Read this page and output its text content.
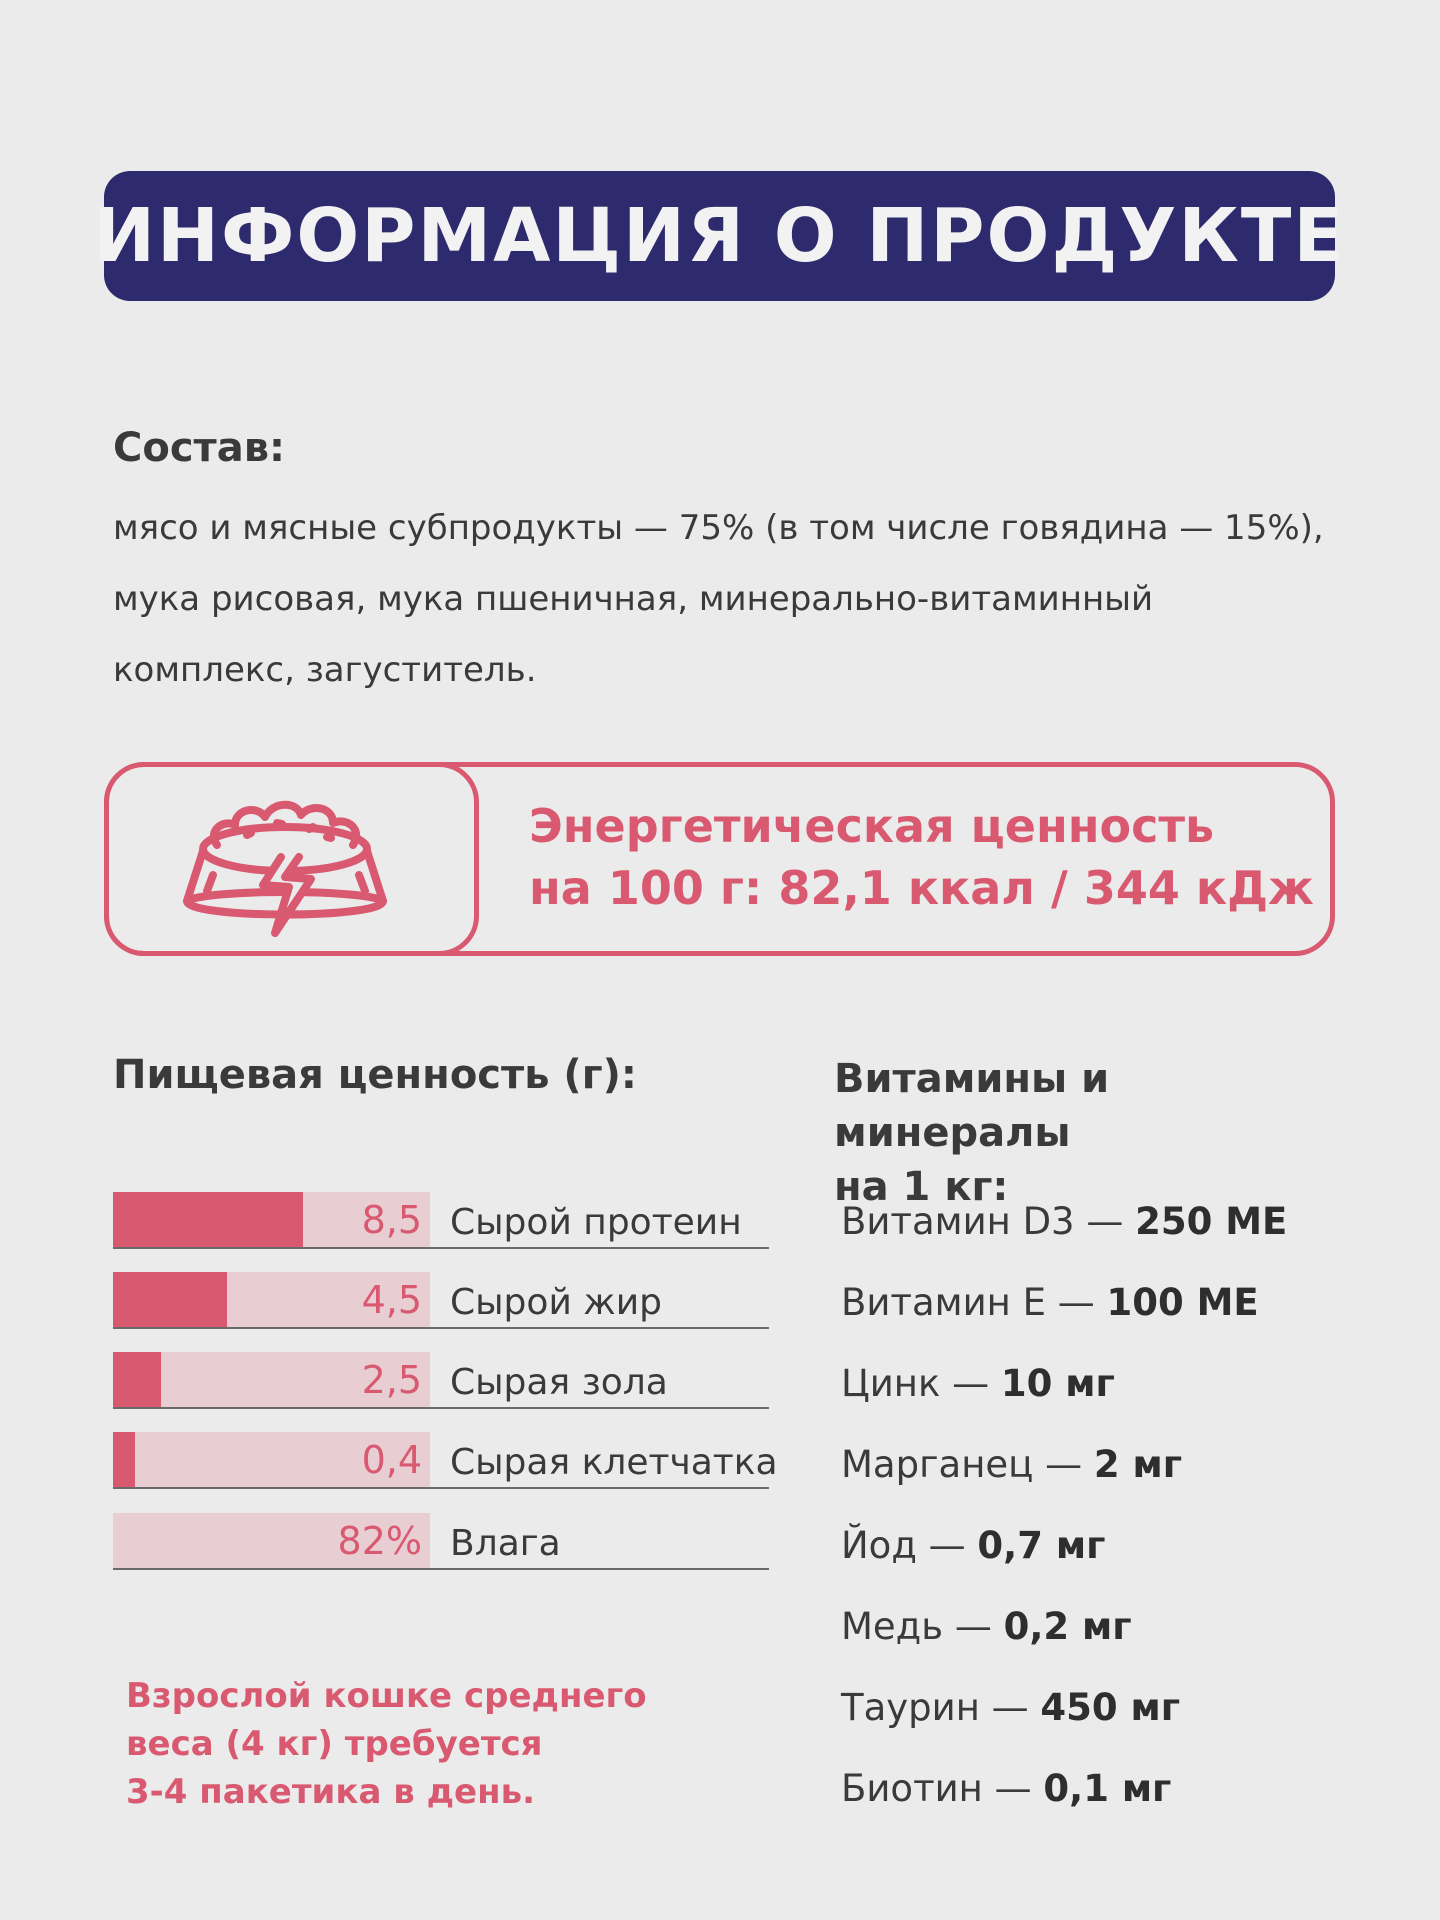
ИНФОРМАЦИЯ О ПРОДУКТЕ
Состав:
мясо и мясные субпродукты — 75% (в том числе говядина — 15%),
мука рисовая, мука пшеничная, минерально-витаминный
комплекс, загуститель.
Энергетическая ценность
на 100 г: 82,1 ккал / 344 кДж
Пищевая ценность (г):	Витамины и минералы
на 1 кг:
8,5 Сырой протеин
4,5 Сырой жир
2,5 Сырая зола
0,4 Сырая клетчатка
82% Влага
Витамин D3 — 250 МЕ
Витамин Е — 100 МЕ
Цинк — 10 мг
Марганец — 2 мг
Йод — 0,7 мг
Медь — 0,2 мг
Таурин — 450 мг
Биотин — 0,1 мг
Взрослой кошке среднего
веса (4 кг) требуется
3-4 пакетика в день.
